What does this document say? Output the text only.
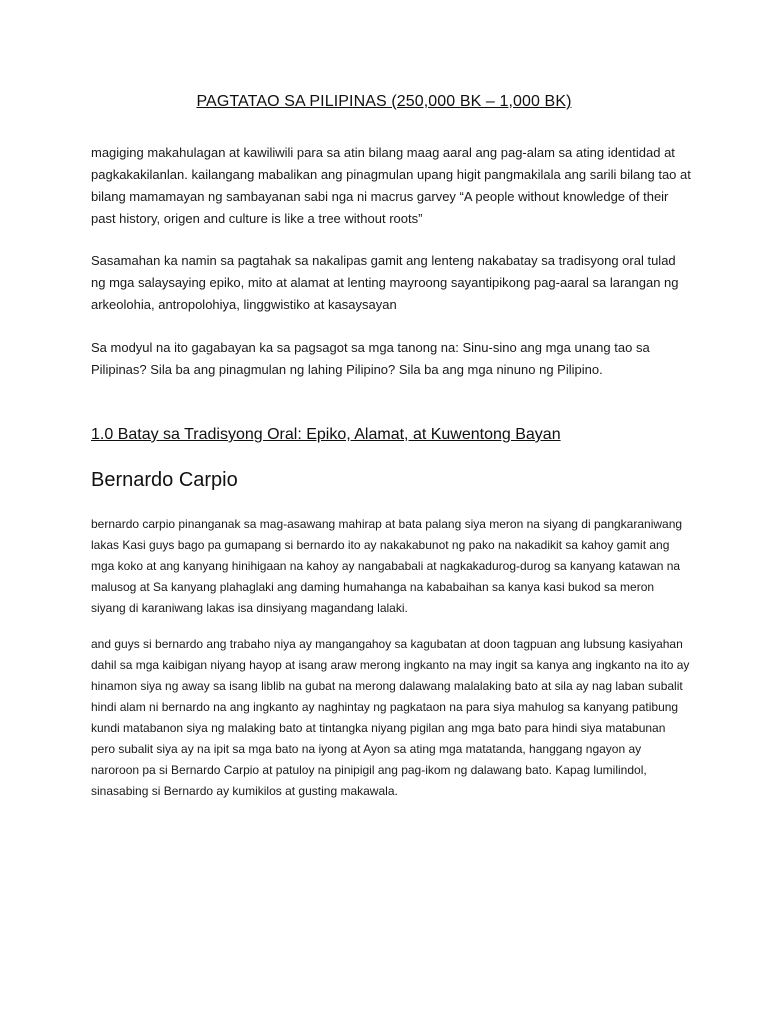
PAGTATAO SA PILIPINAS (250,000 BK – 1,000 BK)

magiging makahulagan at kawiliwili para sa atin bilang maag aaral ang pag-alam sa ating identidad at pagkakakilanlan. kailangang mabalikan ang pinagmulan upang higit pangmakilala ang sarili bilang tao at bilang mamamayan ng sambayanan sabi nga ni macrus garvey “A people without knowledge of their past history, origen and culture is like a tree without roots”

Sasamahan ka namin sa pagtahak sa nakalipas gamit ang lenteng nakabatay sa tradisyong oral tulad ng mga salaysaying epiko, mito at alamat at lenting mayroong sayantipikong pag-aaral sa larangan ng arkeolohia, antropolohiya, linggwistiko at kasaysayan

Sa modyul na ito gagabayan ka sa pagsagot sa mga tanong na: Sinu-sino ang mga unang tao sa Pilipinas? Sila ba ang pinagmulan ng lahing Pilipino? Sila ba ang mga ninuno ng Pilipino.

1.0 Batay sa Tradisyong Oral: Epiko, Alamat, at Kuwentong Bayan
Bernardo Carpio

bernardo carpio pinanganak sa mag-asawang mahirap at bata palang siya meron na siyang di pangkaraniwang lakas Kasi guys bago pa gumapang si bernardo ito ay nakakabunot ng pako na nakadikit sa kahoy gamit ang mga koko at ang kanyang hinihigaan na kahoy ay nangababali at nagkakadurog-durog sa kanyang katawan na malusog at Sa kanyang plahaglaki ang daming humahanga na kababaihan sa kanya kasi bukod sa meron siyang di karaniwang lakas isa dinsiyang magandang lalaki.

and guys si bernardo ang trabaho niya ay mangangahoy sa kagubatan at doon tagpuan ang lubsung kasiyahan dahil sa mga kaibigan niyang hayop at isang araw merong ingkanto na may ingit sa kanya ang ingkanto na ito ay hinamon siya ng away sa isang liblib na gubat na merong dalawang malalaking bato at sila ay nag laban subalit hindi alam ni bernardo na ang ingkanto ay naghintay ng pagkataon na para siya mahulog sa kanyang patibung kundi matabanon siya ng malaking bato at tintangka niyang pigilan ang mga bato para hindi siya matabunan pero subalit siya ay na ipit sa mga bato na iyong at Ayon sa ating mga matatanda, hanggang ngayon ay naroroon pa si Bernardo Carpio at patuloy na pinipigil ang pag-ikom ng dalawang bato. Kapag lumilindol, sinasabing si Bernardo ay kumikilos at gusting makawala.
